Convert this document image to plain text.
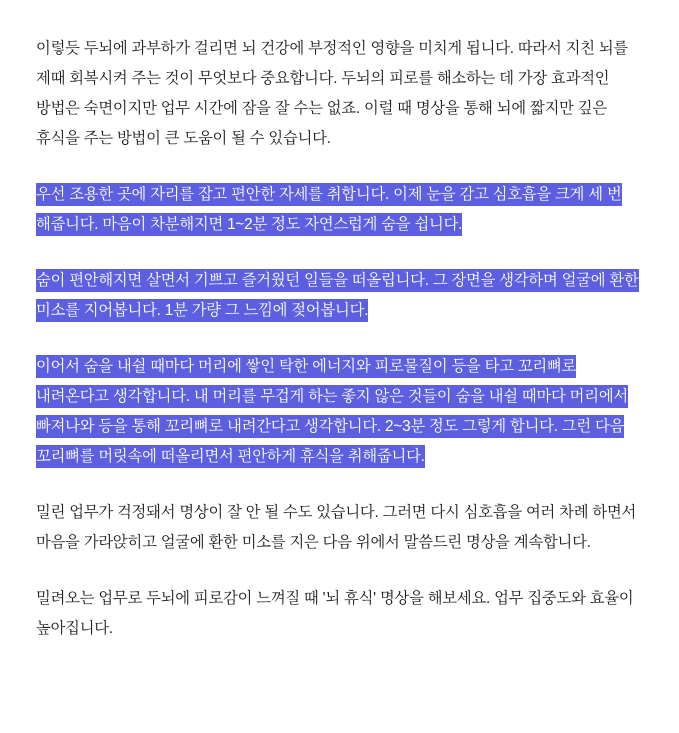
이렇듯 두뇌에 과부하가 걸리면 뇌 건강에 부정적인 영향을 미치게 됩니다. 따라서 지친 뇌를 제때 회복시켜 주는 것이 무엇보다 중요합니다. 두뇌의 피로를 해소하는 데 가장 효과적인 방법은 숙면이지만 업무 시간에 잠을 잘 수는 없죠. 이럴 때 명상을 통해 뇌에 짧지만 깊은 휴식을 주는 방법이 큰 도움이 될 수 있습니다.

우선 조용한 곳에 자리를 잡고 편안한 자세를 취합니다. 이제 눈을 감고 심호흡을 크게 세 번 해줍니다. 마음이 차분해지면 1~2분 정도 자연스럽게 숨을 쉽니다.

숨이 편안해지면 살면서 기쁘고 즐거웠던 일들을 떠올립니다. 그 장면을 생각하며 얼굴에 환한 미소를 지어봅니다. 1분 가량 그 느낌에 젖어봅니다.

이어서 숨을 내쉴 때마다 머리에 쌓인 탁한 에너지와 피로물질이 등을 타고 꼬리뼈로 내려온다고 생각합니다. 내 머리를 무겁게 하는 좋지 않은 것들이 숨을 내쉴 때마다 머리에서 빠져나와 등을 통해 꼬리뼈로 내려간다고 생각합니다. 2~3분 정도 그렇게 합니다. 그런 다음 꼬리뼈를 머릿속에 떠올리면서 편안하게 휴식을 취해줍니다.

밀린 업무가 걱정돼서 명상이 잘 안 될 수도 있습니다. 그러면 다시 심호흡을 여러 차례 하면서 마음을 가라앉히고 얼굴에 환한 미소를 지은 다음 위에서 말씀드린 명상을 계속합니다.

밀려오는 업무로 두뇌에 피로감이 느껴질 때 '뇌 휴식' 명상을 해보세요. 업무 집중도와 효율이 높아집니다.
